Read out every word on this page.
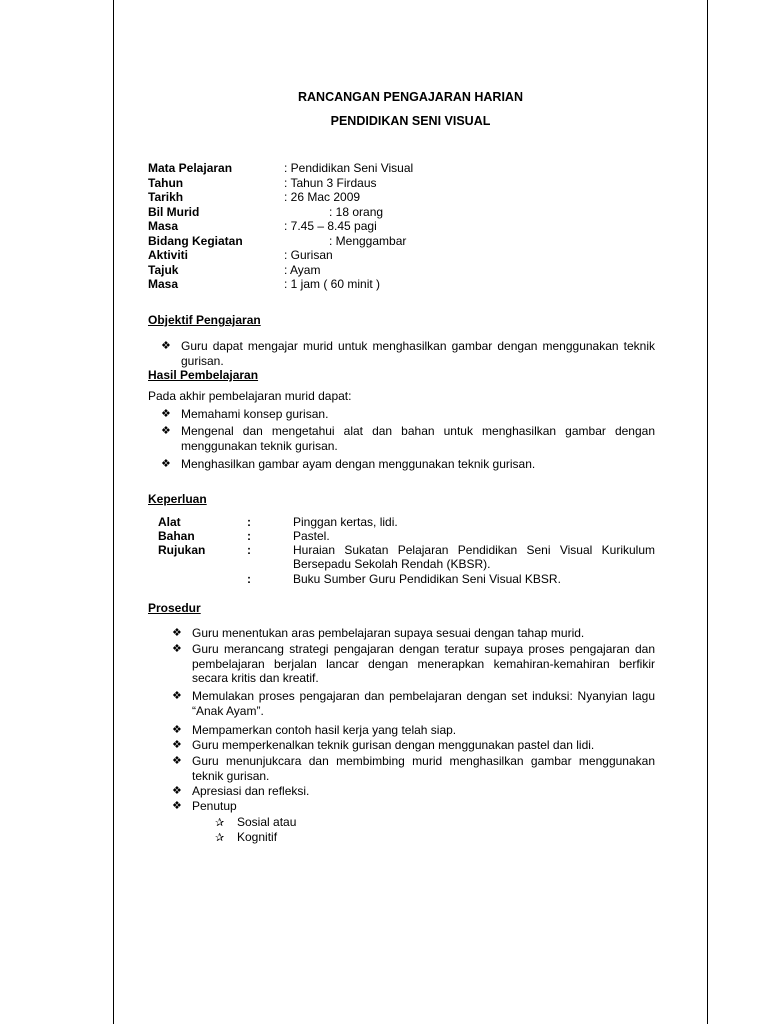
RANCANGAN PENGAJARAN HARIAN
PENDIDIKAN SENI VISUAL
Mata Pelajaran	: Pendidikan Seni Visual
Tahun	: Tahun 3 Firdaus
Tarikh	: 26 Mac 2009
Bil Murid	: 18 orang
Masa	: 7.45 – 8.45 pagi
Bidang Kegiatan	: Menggambar
Aktiviti	: Gurisan
Tajuk	: Ayam
Masa	: 1 jam ( 60 minit )
Objektif Pengajaran
❖ Guru dapat mengajar murid untuk menghasilkan gambar dengan menggunakan teknik gurisan.
Hasil Pembelajaran
Pada akhir pembelajaran murid dapat:
❖ Memahami konsep gurisan.
❖ Mengenal dan mengetahui alat dan bahan untuk menghasilkan gambar dengan menggunakan teknik gurisan.
❖ Menghasilkan gambar ayam dengan menggunakan teknik gurisan.
Keperluan
Alat	:	Pinggan kertas, lidi.
Bahan	:	Pastel.
Rujukan	:	Huraian Sukatan Pelajaran Pendidikan Seni Visual Kurikulum Bersepadu Sekolah Rendah (KBSR).
:	Buku Sumber Guru Pendidikan Seni Visual KBSR.
Prosedur
❖ Guru menentukan aras pembelajaran supaya sesuai dengan tahap murid.
❖ Guru merancang strategi pengajaran dengan teratur supaya proses pengajaran dan pembelajaran berjalan lancar dengan menerapkan kemahiran-kemahiran berfikir secara kritis dan kreatif.
❖ Memulakan proses pengajaran dan pembelajaran dengan set induksi: Nyanyian lagu “Anak Ayam”.
❖ Mempamerkan contoh hasil kerja yang telah siap.
❖ Guru memperkenalkan teknik gurisan dengan menggunakan pastel dan lidi.
❖ Guru menunjukcara dan membimbing murid menghasilkan gambar menggunakan teknik gurisan.
❖ Apresiasi dan refleksi.
❖ Penutup
✰ Sosial atau
✰ Kognitif
